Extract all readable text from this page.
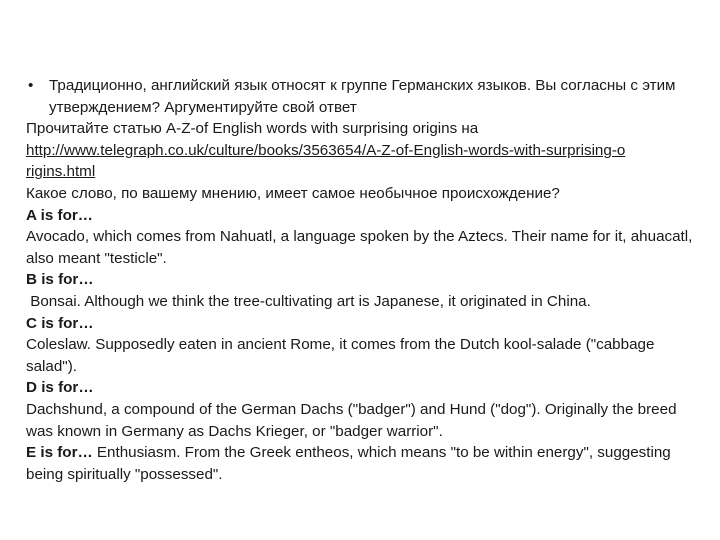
•	Традиционно, английский язык относят к группе Германских языков. Вы согласны с этим утверждением? Аргументируйте свой ответ
Прочитайте статью A-Z-of English words with surprising origins на
http://www.telegraph.co.uk/culture/books/3563654/A-Z-of-English-words-with-surprising-origins.html
Какое слово, по вашему мнению, имеет самое необычное происхождение?
A is for…
Avocado, which comes from Nahuatl, a language spoken by the Aztecs. Their name for it, ahuacatl, also meant "testicle".
B is for…
Bonsai. Although we think the tree-cultivating art is Japanese, it originated in China.
C is for…
Coleslaw. Supposedly eaten in ancient Rome, it comes from the Dutch kool-salade ("cabbage salad").
D is for…
Dachshund, a compound of the German Dachs ("badger") and Hund ("dog"). Originally the breed was known in Germany as Dachs Krieger, or "badger warrior".
E is for… Enthusiasm. From the Greek entheos, which means "to be within energy", suggesting being spiritually "possessed".
